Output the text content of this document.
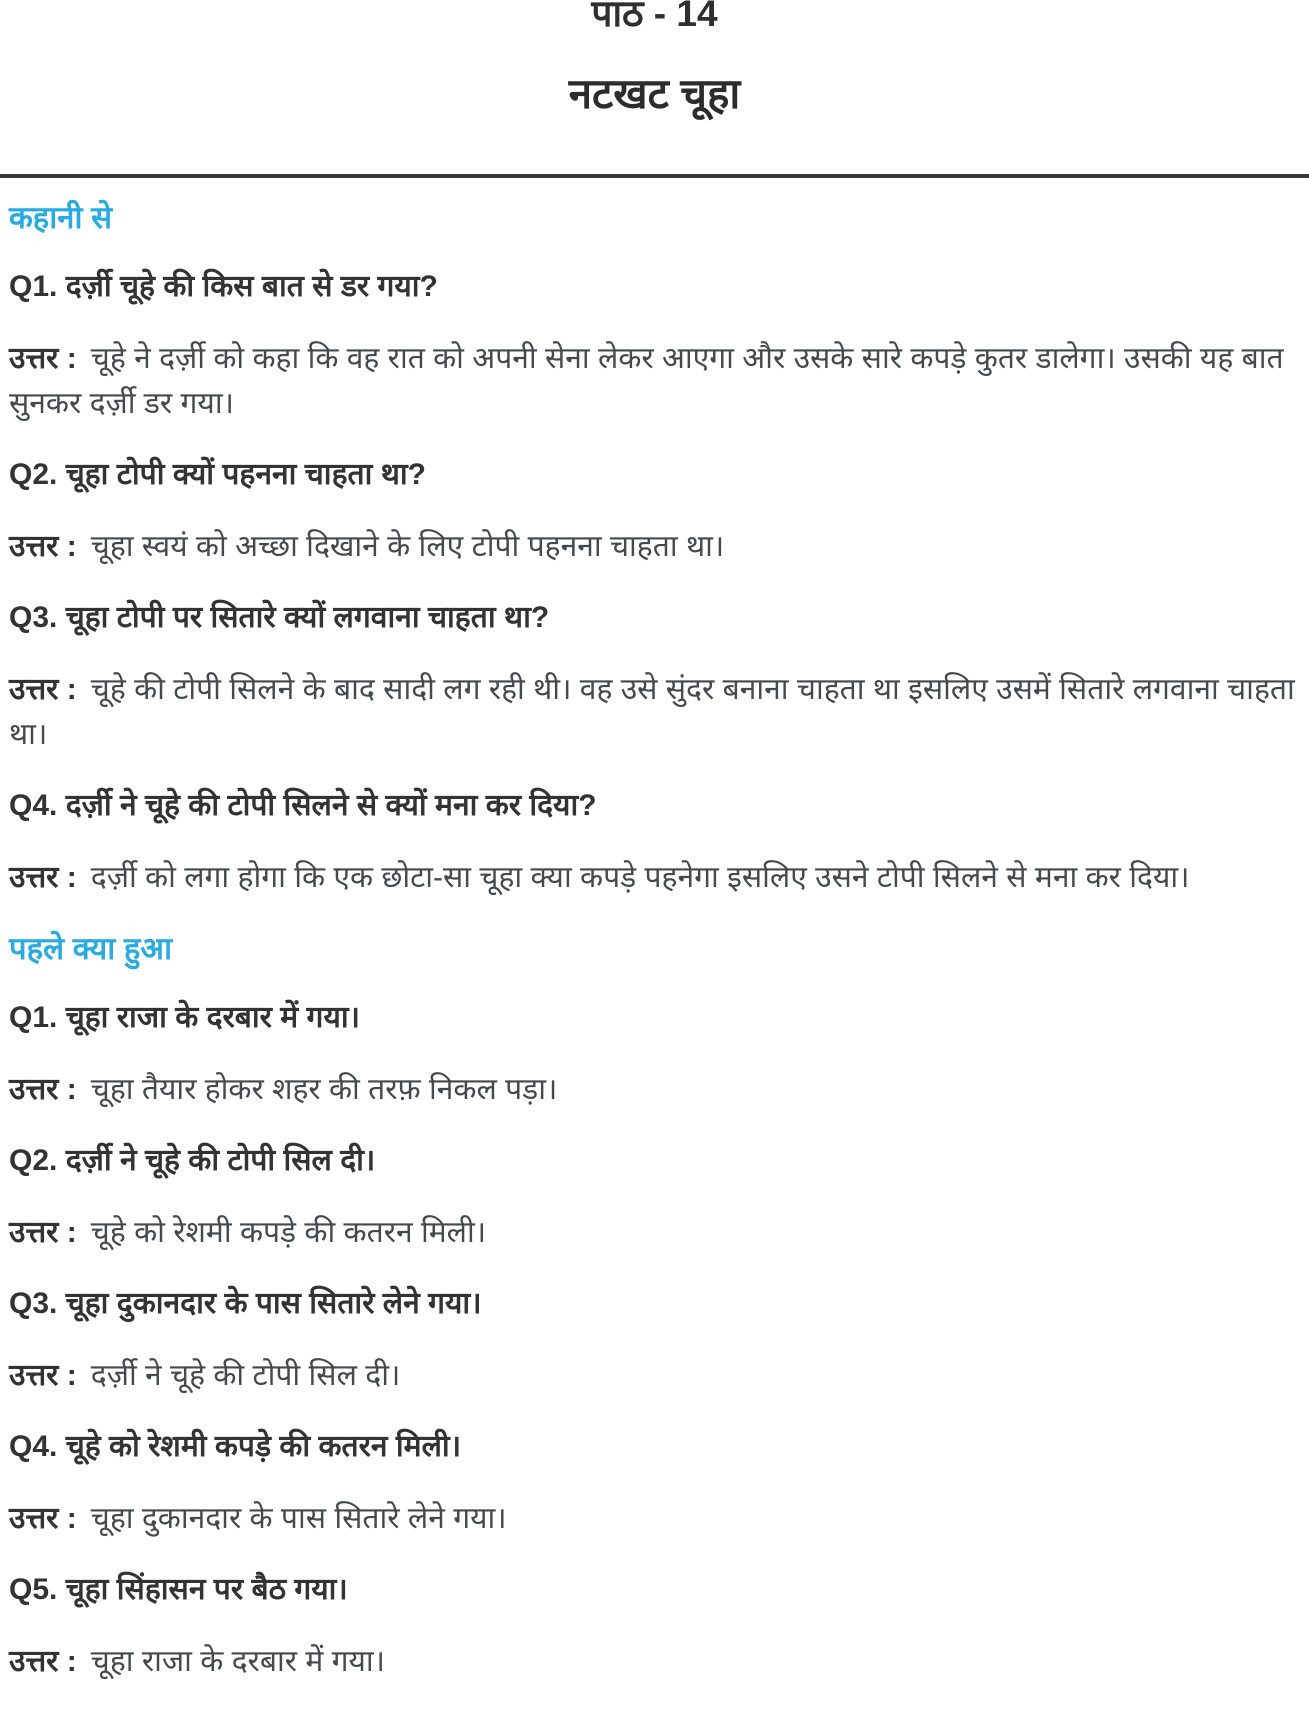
पाठ - 14
नटखट चूहा
कहानी से

Q1. दर्ज़ी चूहे की किस बात से डर गया?

उत्तर : चूहे ने दर्ज़ी को कहा कि वह रात को अपनी सेना लेकर आएगा और उसके सारे कपड़े कुतर डालेगा। उसकी यह बात सुनकर दर्ज़ी डर गया।

Q2. चूहा टोपी क्यों पहनना चाहता था?

उत्तर : चूहा स्वयं को अच्छा दिखाने के लिए टोपी पहनना चाहता था।

Q3. चूहा टोपी पर सितारे क्यों लगवाना चाहता था?

उत्तर : चूहे की टोपी सिलने के बाद सादी लग रही थी। वह उसे सुंदर बनाना चाहता था इसलिए उसमें सितारे लगवाना चाहता था।

Q4. दर्ज़ी ने चूहे की टोपी सिलने से क्यों मना कर दिया?

उत्तर : दर्ज़ी को लगा होगा कि एक छोटा-सा चूहा क्या कपड़े पहनेगा इसलिए उसने टोपी सिलने से मना कर दिया।

पहले क्या हुआ

Q1. चूहा राजा के दरबार में गया।

उत्तर : चूहा तैयार होकर शहर की तरफ़ निकल पड़ा।

Q2. दर्ज़ी ने चूहे की टोपी सिल दी।

उत्तर : चूहे को रेशमी कपड़े की कतरन मिली।

Q3. चूहा दुकानदार के पास सितारे लेने गया।

उत्तर : दर्ज़ी ने चूहे की टोपी सिल दी।

Q4. चूहे को रेशमी कपड़े की कतरन मिली।

उत्तर : चूहा दुकानदार के पास सितारे लेने गया।

Q5. चूहा सिंहासन पर बैठ गया।

उत्तर : चूहा राजा के दरबार में गया।
